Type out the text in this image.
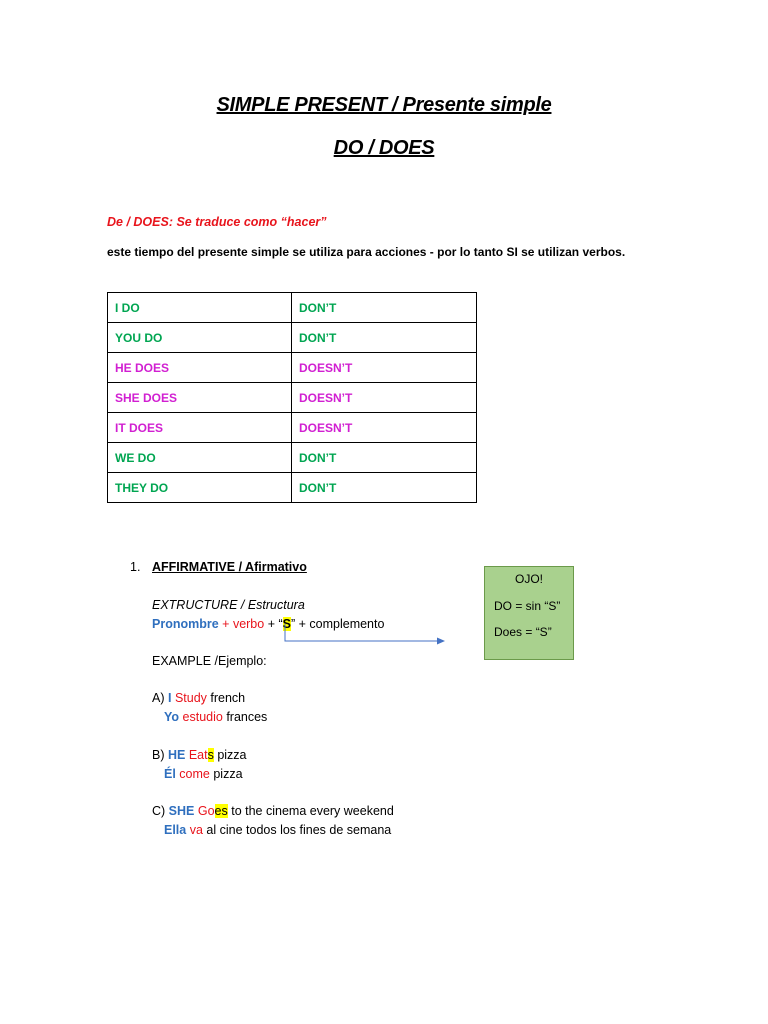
SIMPLE PRESENT / Presente simple
DO / DOES
De / DOES: Se traduce como “hacer”
este tiempo del presente simple se utiliza para acciones - por lo tanto SI se utilizan verbos.
I DO	DON’T
YOU DO	DON’T
HE DOES	DOESN’T
SHE DOES	DOESN’T
IT DOES	DOESN’T
WE DO	DON’T
THEY DO	DON’T
1. AFFIRMATIVE / Afirmativo
EXTRUCTURE / Estructura
Pronombre + verbo + “S” + complemento
EXAMPLE /Ejemplo:
A) I Study french
Yo estudio frances
B) HE Eats pizza
Él come pizza
C) SHE Goes to the cinema every weekend
Ella va al cine todos los fines de semana
OJO!
DO = sin “S”
Does = “S”
